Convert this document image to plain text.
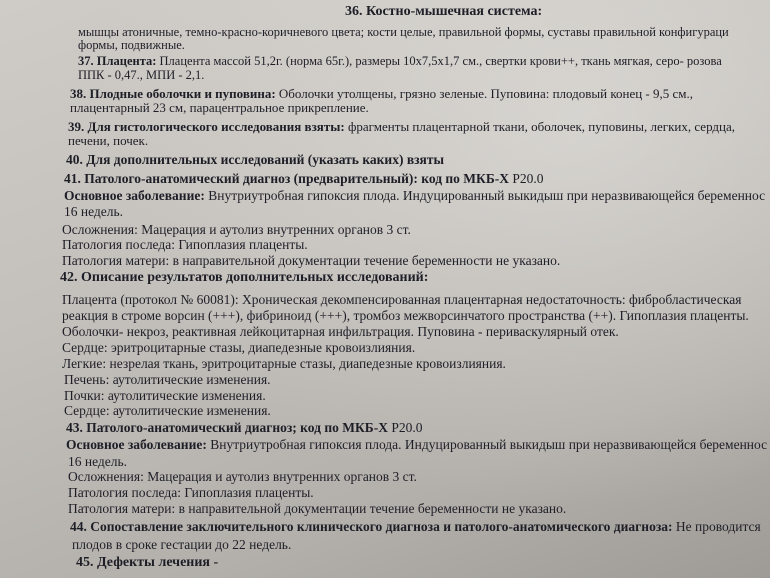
36. Костно-мышечная система:
мышцы атоничные, темно-красно-коричневого цвета; кости целые, правильной формы, суставы правильной конфигураци
формы, подвижные.
37. Плацента: Плацента массой 51,2г. (норма 65г.), размеры 10х7,5х1,7 см., свертки крови++, ткань мягкая, серо- розова
ППК - 0,47., МПИ - 2,1.
38. Плодные оболочки и пуповина: Оболочки утолщены, грязно зеленые. Пуповина: плодовый конец - 9,5 см.,
плацентарный 23 см, парацентральное прикрепление.
39. Для гистологического исследования взяты: фрагменты плацентарной ткани, оболочек, пуповины, легких, сердца,
печени, почек.
40. Для дополнительных исследований (указать каких) взяты
41. Патолого-анатомический диагноз (предварительный): код по МКБ-X Р20.0
Основное заболевание: Внутриутробная гипоксия плода. Индуцированный выкидыш при неразвивающейся беременнос
16 недель.
Осложнения: Мацерация и аутолиз внутренних органов 3 ст.
Патология последа: Гипоплазия плаценты.
Патология матери: в направительной документации течение беременности не указано.
42. Описание результатов дополнительных исследований:
Плацента (протокол № 60081): Хроническая декомпенсированная плацентарная недостаточность: фибробластическая
реакция в строме ворсин (+++), фибриноид (+++), тромбоз межворсинчатого пространства (++). Гипоплазия плаценты.
Оболочки- некроз, реактивная лейкоцитарная инфильтрация. Пуповина - периваскулярный отек.
Сердце: эритроцитарные стазы, диапедезные кровоизлияния.
Легкие: незрелая ткань, эритроцитарные стазы, диапедезные кровоизлияния.
Печень: аутолитические изменения.
Почки: аутолитические изменения.
Сердце: аутолитические изменения.
43. Патолого-анатомический диагноз; код по МКБ-X Р20.0
Основное заболевание: Внутриутробная гипоксия плода. Индуцированный выкидыш при неразвивающейся беременнос
16 недель.
Осложнения: Мацерация и аутолиз внутренних органов 3 ст.
Патология последа: Гипоплазия плаценты.
Патология матери: в направительной документации течение беременности не указано.
44. Сопоставление заключительного клинического диагноза и патолого-анатомического диагноза: Не проводится
плодов в сроке гестации до 22 недель.
45. Дефекты лечения -
